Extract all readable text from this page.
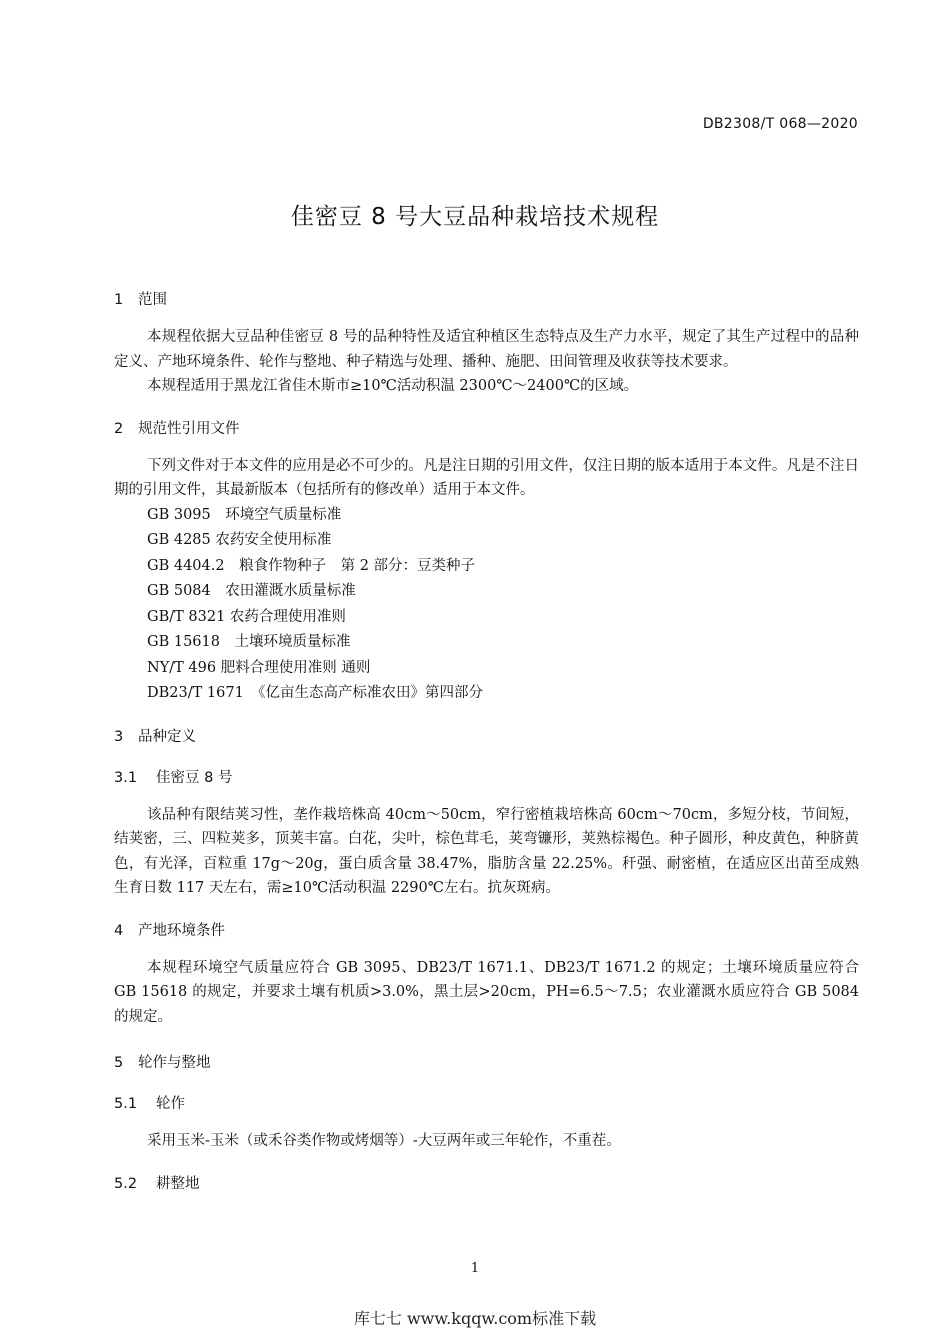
DB2308/T 068—2020
佳密豆 8 号大豆品种栽培技术规程
1 范围

本规程依据大豆品种佳密豆 8 号的品种特性及适宜种植区生态特点及生产力水平，规定了其生产过程中的品种定义、产地环境条件、轮作与整地、种子精选与处理、播种、施肥、田间管理及收获等技术要求。

本规程适用于黑龙江省佳木斯市≥10℃活动积温 2300℃～2400℃的区域。

2 规范性引用文件

下列文件对于本文件的应用是必不可少的。凡是注日期的引用文件，仅注日期的版本适用于本文件。凡是不注日期的引用文件，其最新版本（包括所有的修改单）适用于本文件。

GB 3095　环境空气质量标准
GB 4285 农药安全使用标准
GB 4404.2　粮食作物种子　第 2 部分：豆类种子
GB 5084　农田灌溉水质量标准
GB/T 8321 农药合理使用准则
GB 15618　土壤环境质量标准
NY/T 496 肥料合理使用准则 通则
DB23/T 1671　《亿亩生态高产标准农田》第四部分
3 品种定义
3.1 佳密豆 8 号

该品种有限结荚习性，垄作栽培株高 40cm～50cm，窄行密植栽培株高 60cm～70cm，多短分枝，节间短，结荚密，三、四粒荚多，顶荚丰富。白花，尖叶，棕色茸毛，荚弯镰形，荚熟棕褐色。种子圆形，种皮黄色，种脐黄色，有光泽，百粒重 17g～20g，蛋白质含量 38.47%，脂肪含量 22.25%。秆强、耐密植，在适应区出苗至成熟生育日数 117 天左右，需≥10℃活动积温 2290℃左右。抗灰斑病。

4 产地环境条件

本规程环境空气质量应符合 GB 3095、DB23/T 1671.1、DB23/T 1671.2 的规定；土壤环境质量应符合 GB 15618 的规定，并要求土壤有机质>3.0%，黑土层>20cm，PH=6.5～7.5；农业灌溉水质应符合 GB 5084 的规定。

5 轮作与整地
5.1 轮作

采用玉米-玉米（或禾谷类作物或烤烟等）-大豆两年或三年轮作，不重茬。

5.2 耕整地
1
库七七 www.kqqw.com标准下载
